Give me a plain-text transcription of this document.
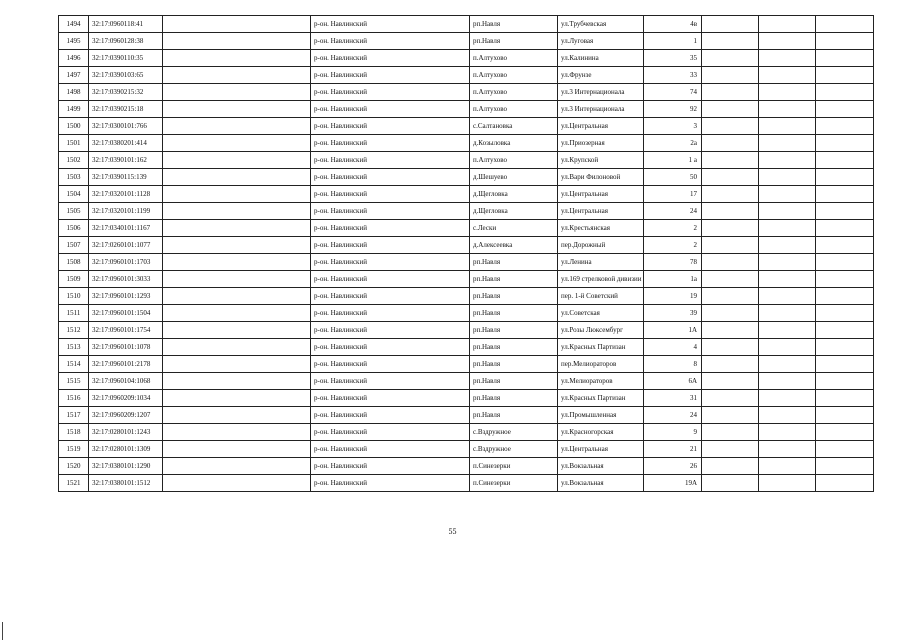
1494	32:17:0960118:41		р-он. Навлинский	рп.Навля	ул.Трубчевская	4в			
1495	32:17:0960128:38		р-он. Навлинский	рп.Навля	ул.Луговая	1			
1496	32:17:0390110:35		р-он. Навлинский	п.Алтухово	ул.Калинина	35			
1497	32:17:0390103:65		р-он. Навлинский	п.Алтухово	ул.Фрунзе	33			
1498	32:17:0390215:32		р-он. Навлинский	п.Алтухово	ул.3 Интернационала	74			
1499	32:17:0390215:18		р-он. Навлинский	п.Алтухово	ул.3 Интернационала	92			
1500	32:17:0300101:766		р-он. Навлинский	с.Салтановка	ул.Центральная	3			
1501	32:17:0380201:414		р-он. Навлинский	д.Козыловка	ул.Приозерная	2а			
1502	32:17:0390101:162		р-он. Навлинский	п.Алтухово	ул.Крупской	1 а			
1503	32:17:0390115:139		р-он. Навлинский	д.Шешуево	ул.Вари Филоновой	50			
1504	32:17:0320101:1128		р-он. Навлинский	д.Щегловка	ул.Центральная	17			
1505	32:17:0320101:1199		р-он. Навлинский	д.Щегловка	ул.Центральная	24			
1506	32:17:0340101:1167		р-он. Навлинский	с.Лески	ул.Крестьянская	2			
1507	32:17:0260101:1077		р-он. Навлинский	д.Алексеевка	пер.Дорожный	2			
1508	32:17:0960101:1703		р-он. Навлинский	рп.Навля	ул.Ленина	78			
1509	32:17:0960101:3033		р-он. Навлинский	рп.Навля	ул.169 стрелковой дивизии	1а			
1510	32:17:0960101:1293		р-он. Навлинский	рп.Навля	пер. 1-й Советский	19			
1511	32:17:0960101:1504		р-он. Навлинский	рп.Навля	ул.Советская	39			
1512	32:17:0960101:1754		р-он. Навлинский	рп.Навля	ул.Розы Люксембург	1А			
1513	32:17:0960101:1078		р-он. Навлинский	рп.Навля	ул.Красных Партизан	4			
1514	32:17:0960101:2178		р-он. Навлинский	рп.Навля	пер.Мелиораторов	8			
1515	32:17:0960104:1068		р-он. Навлинский	рп.Навля	ул.Мелиораторов	6А			
1516	32:17:0960209:1034		р-он. Навлинский	рп.Навля	ул.Красных Партизан	31			
1517	32:17:0960209:1207		р-он. Навлинский	рп.Навля	ул.Промышленная	24			
1518	32:17:0280101:1243		р-он. Навлинский	с.Вздружное	ул.Красногорская	9			
1519	32:17:0280101:1309		р-он. Навлинский	с.Вздружное	ул.Центральная	21			
1520	32:17:0380101:1290		р-он. Навлинский	п.Синезерки	ул.Вокзальная	26			
1521	32:17:0380101:1512		р-он. Навлинский	п.Синезерки	ул.Вокзальная	19А			
55
